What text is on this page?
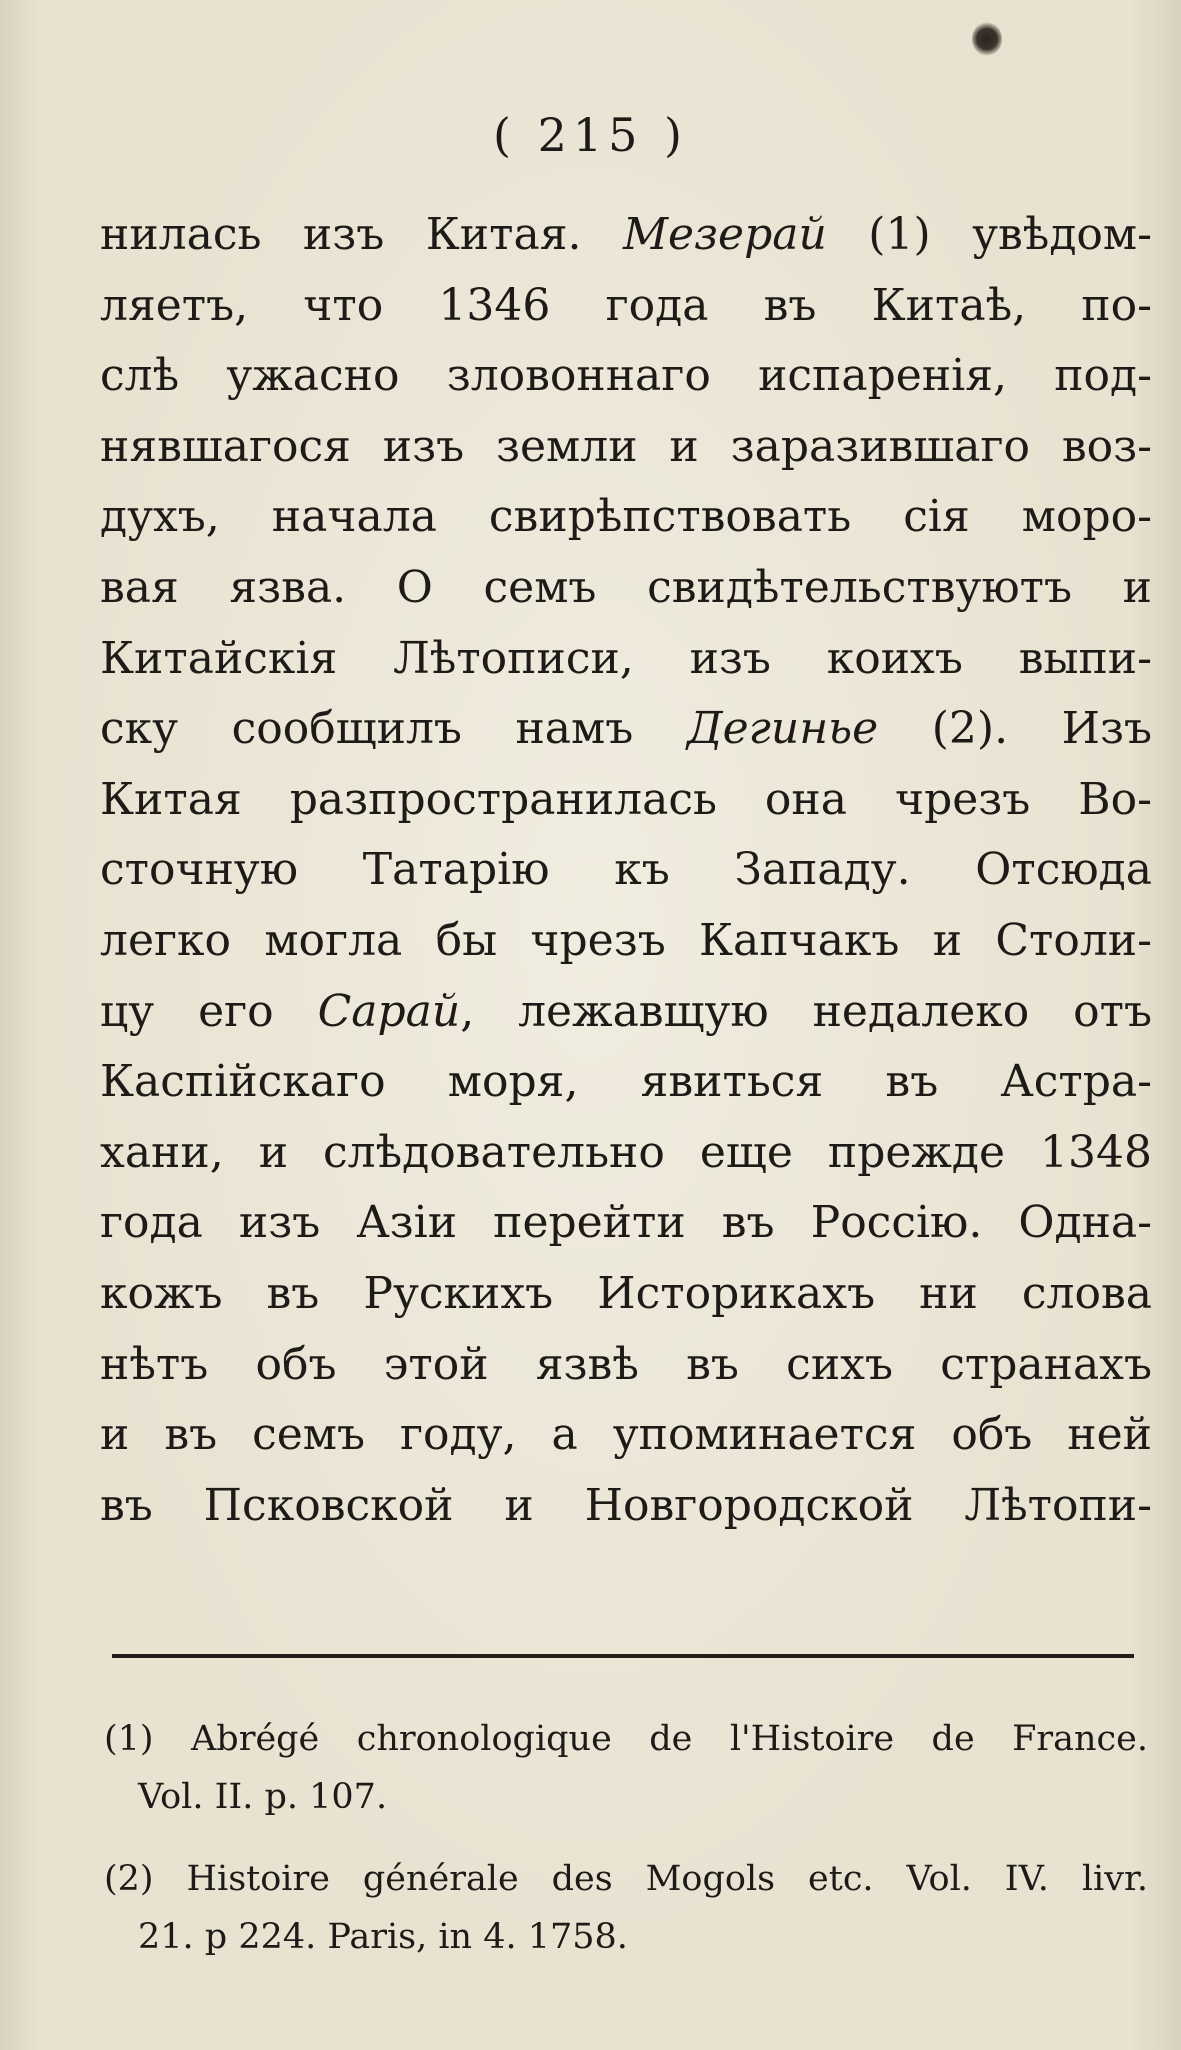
( 215 )
нилась изъ Китая. Мезерай (1) увѣдом-
ляетъ, что 1346 года въ Китаѣ, по-
слѣ ужасно зловоннаго испаренія, под-
нявшагося изъ земли и заразившаго воз-
духъ, начала свирѣпствовать сія моро-
вая язва. О семъ свидѣтельствуютъ и
Китайскія Лѣтописи, изъ коихъ выпи-
ску сообщилъ намъ Дегинье (2). Изъ
Китая разпространилась она чрезъ Во-
сточную Татарію къ Западу. Отсюда
легко могла бы чрезъ Капчакъ и Столи-
цу его Сарай, лежавщую недалеко отъ
Каспійскаго моря, явиться въ Астра-
хани, и слѣдовательно еще прежде 1348
года изъ Азіи перейти въ Россію. Одна-
кожъ въ Рускихъ Историкахъ ни слова
нѣтъ объ этой язвѣ въ сихъ странахъ
и въ семъ году, а упоминается объ ней
въ Псковской и Новгородской Лѣтопи-
(1) Abrégé chronologique de l'Histoire de France.
Vol. II. p. 107.
(2) Histoire générale des Mogols etc. Vol. IV. livr.
21. p 224. Paris, in 4. 1758.
